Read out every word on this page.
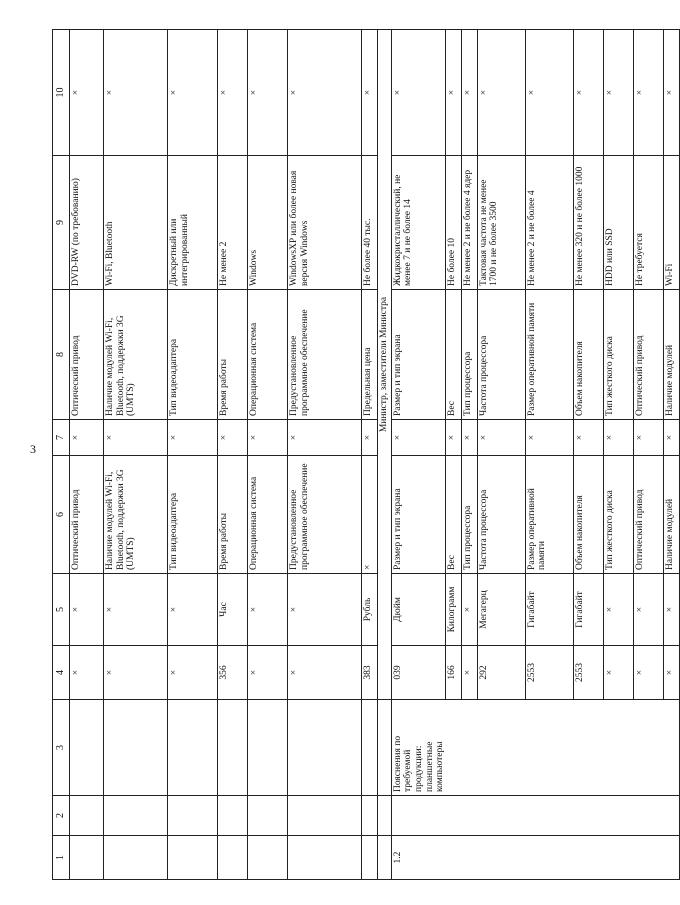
3
1	2	3	4	5	6	7	8	9	10
			×	×	Оптический привод	×	Оптический привод	DVD-RW (по требованию)	×
			×	×	Наличие модулей Wi-Fi, Bluetooth, поддержки 3G (UMTS)	×	Наличие модулей Wi-Fi, Bluetooth, поддержки 3G (UMTS)	Wi-Fi, Bluetooth	×
			×	×	Тип видеоадаптера	×	Тип видеоадаптера	Дискретный или интегрированный	×
			356	Час	Время работы	×	Время работы	Не менее 2	×
			×	×	Операционная система	×	Операционная система	Windows	×
			×	×	Предустановленное программное обеспечение	×	Предустановленное программное обеспечение	WindowsXP или более новая версия Windows	×
			383	Рубль	×	×	Предельная цена	Не более 40 тыс.	×
			Министр, заместители Министра						
1.2		Пояснения по требуемой продукции: планшетные компьютеры	039	Дюйм	Размер и тип экрана	×	Размер и тип экрана	Жидкокристаллический, не менее 7 и не более 14	×
			166	Килограмм	Вес	×	Вес	Не более 10	×
			×	×	Тип процессора	×	Тип процессора	Не менее 2 и не более 4 ядер	×
			292	Мегагерц	Частота процессора	×	Частота процессора	Тактовая частота не менее 1700 и не более 3500	×
			2553	Гигабайт	Размер оперативной памяти	×	Размер оперативной памяти	Не менее 2 и не более 4	×
			2553	Гигабайт	Объем накопителя	×	Объем накопителя	Не менее 320 и не более 1000	×
			×	×	Тип жесткого диска	×	Тип жесткого диска	HDD или SSD	×
			×	×	Оптический привод	×	Оптический привод	Не требуется	×
			×	×	Наличие модулей	×	Наличие модулей	Wi-Fi	×
